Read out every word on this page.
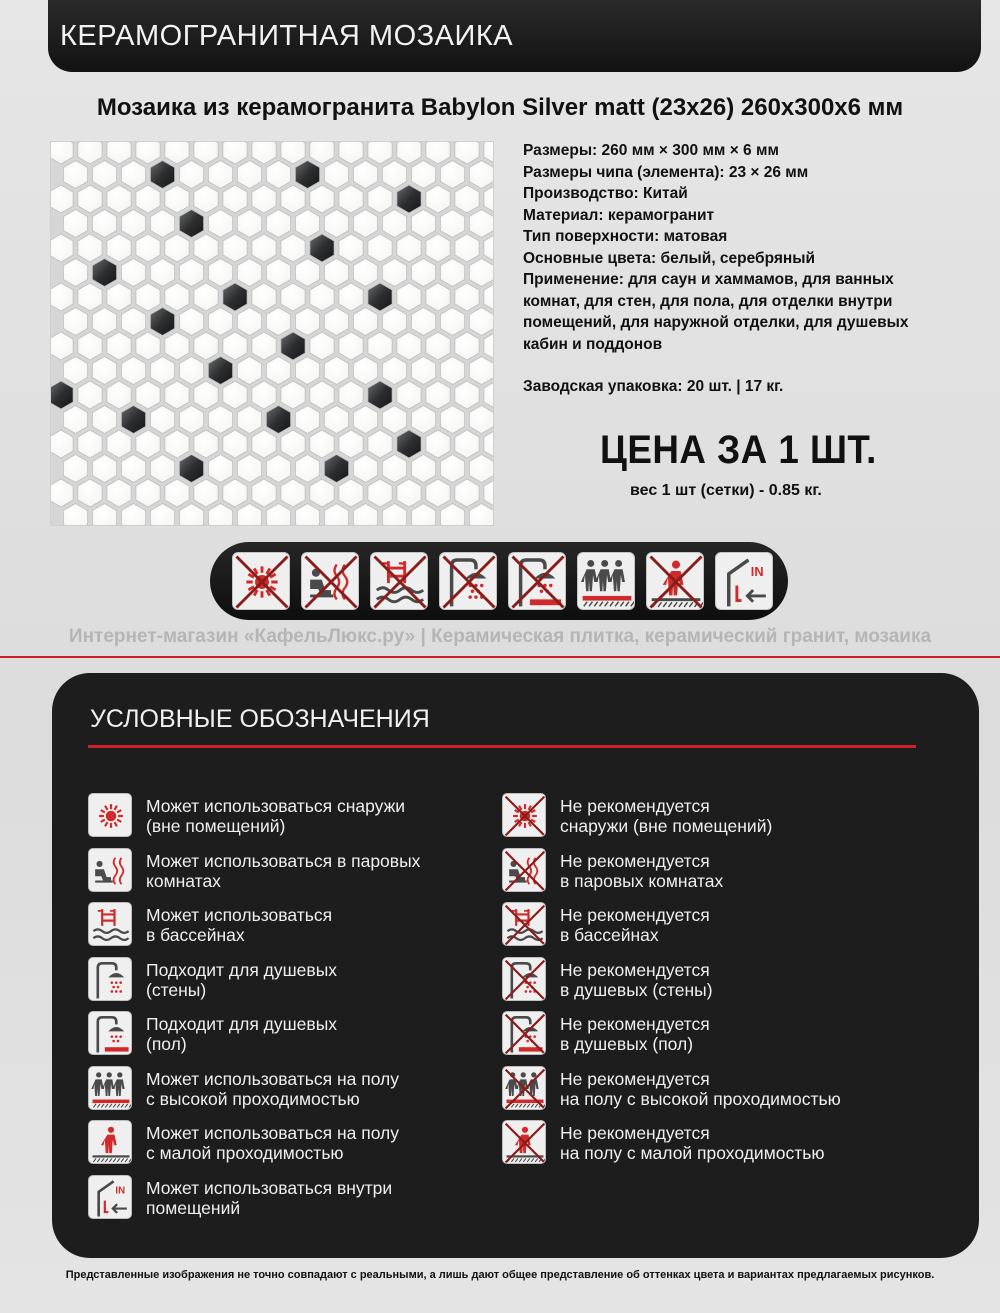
КЕРАМОГРАНИТНАЯ МОЗАИКА
Мозаика из керамогранита Babylon Silver matt (23x26) 260x300x6 мм
Размеры: 260 мм × 300 мм × 6 мм
Размеры чипа (элемента): 23 × 26 мм
Производство: Китай
Материал: керамогранит
Тип поверхности: матовая
Основные цвета: белый, серебряный
Применение: для саун и хаммамов, для ванных
комнат, для стен, для пола, для отделки внутри
помещений, для наружной отделки, для душевых
кабин и поддонов
Заводская упаковка: 20 шт. | 17 кг.
ЦЕНА ЗА 1 ШТ.
вес 1 шт (сетки) - 0.85 кг.
IN
Интернет-магазин «КафельЛюкс.ру» | Керамическая плитка, керамический гранит, мозаика
УСЛОВНЫЕ ОБОЗНАЧЕНИЯ
Может использоваться снаружи
(вне помещений)
Может использоваться в паровых
комнатах
Может использоваться
в бассейнах
Подходит для душевых
(стены)
Подходит для душевых
(пол)
Может использоваться на полу
с высокой проходимостью
Может использоваться на полу
с малой проходимостью
IN Может использоваться внутри
помещений
Не рекомендуется
снаружи (вне помещений)
Не рекомендуется
в паровых комнатах
Не рекомендуется
в бассейнах
Не рекомендуется
в душевых (стены)
Не рекомендуется
в душевых (пол)
Не рекомендуется
на полу с высокой проходимостью
Не рекомендуется
на полу с малой проходимостью
Представленные изображения не точно совпадают с реальными, а лишь дают общее представление об оттенках цвета и вариантах предлагаемых рисунков.
